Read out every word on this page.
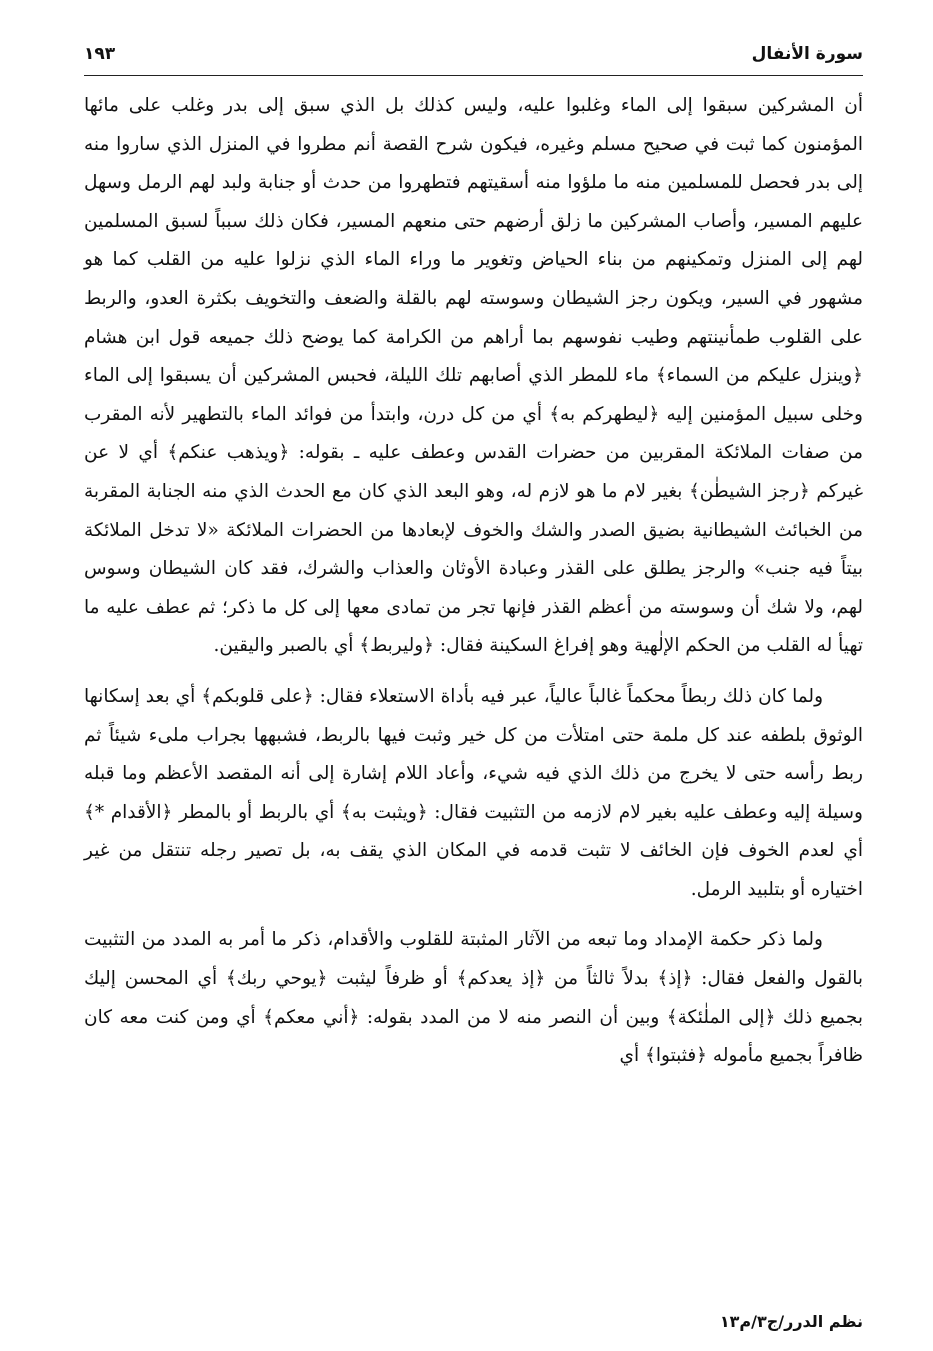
سورة الأنفال
١٩٣

أن المشركين سبقوا إلى الماء وغلبوا عليه، وليس كذلك بل الذي سبق إلى بدر وغلب على مائها المؤمنون كما ثبت في صحيح مسلم وغيره، فيكون شرح القصة أنم مطروا في المنزل الذي ساروا منه إلى بدر فحصل للمسلمين منه ما ملؤوا منه أسقيتهم فتطهروا من حدث أو جنابة ولبد لهم الرمل وسهل عليهم المسير، وأصاب المشركين ما زلق أرضهم حتى منعهم المسير، فكان ذلك سبباً لسبق المسلمين لهم إلى المنزل وتمكينهم من بناء الحياض وتغوير ما وراء الماء الذي نزلوا عليه من القلب كما هو مشهور في السير، ويكون رجز الشيطان وسوسته لهم بالقلة والضعف والتخويف بكثرة العدو، والربط على القلوب طمأنينتهم وطيب نفوسهم بما أراهم من الكرامة كما يوضح ذلك جميعه قول ابن هشام ﴿وينزل عليكم من السماء﴾ ماء للمطر الذي أصابهم تلك الليلة، فحبس المشركين أن يسبقوا إلى الماء وخلى سبيل المؤمنين إليه ﴿ليطهركم به﴾ أي من كل درن، وابتدأ من فوائد الماء بالتطهير لأنه المقرب من صفات الملائكة المقربين من حضرات القدس وعطف عليه ـ بقوله: ﴿ويذهب عنكم﴾ أي لا عن غيركم ﴿رجز الشيطٰن﴾ بغير لام ما هو لازم له، وهو البعد الذي كان مع الحدث الذي منه الجنابة المقربة من الخبائث الشيطانية بضيق الصدر والشك والخوف لإبعادها من الحضرات الملائكة «لا تدخل الملائكة بيتاً فيه جنب» والرجز يطلق على القذر وعبادة الأوثان والعذاب والشرك، فقد كان الشيطان وسوس لهم، ولا شك أن وسوسته من أعظم القذر فإنها تجر من تمادى معها إلى كل ما ذكر؛ ثم عطف عليه ما تهيأ له القلب من الحكم الإلٰهية وهو إفراغ السكينة فقال: ﴿وليربط﴾ أي بالصبر واليقين.

ولما كان ذلك ربطاً محكماً غالباً عالياً، عبر فيه بأداة الاستعلاء فقال: ﴿على قلوبكم﴾ أي بعد إسكانها الوثوق بلطفه عند كل ملمة حتى امتلأت من كل خير وثبت فيها بالربط، فشبهها بجراب ملىء شيئاً ثم ربط رأسه حتى لا يخرج من ذلك الذي فيه شيء، وأعاد اللام إشارة إلى أنه المقصد الأعظم وما قبله وسيلة إليه وعطف عليه بغير لام لازمه من التثبيت فقال: ﴿ويثبت به﴾ أي بالربط أو بالمطر ﴿الأقدام *﴾ أي لعدم الخوف فإن الخائف لا تثبت قدمه في المكان الذي يقف به، بل تصير رجله تنتقل من غير اختياره أو بتلبيد الرمل.

ولما ذكر حكمة الإمداد وما تبعه من الآثار المثبتة للقلوب والأقدام، ذكر ما أمر به المدد من التثبيت بالقول والفعل فقال: ﴿إذ﴾ بدلاً ثالثاً من ﴿إذ يعدكم﴾ أو ظرفاً ليثبت ﴿يوحي ربك﴾ أي المحسن إليك بجميع ذلك ﴿إلى الملٰئكة﴾ وبين أن النصر منه لا من المدد بقوله: ﴿أني معكم﴾ أي ومن كنت معه كان ظافراً بجميع مأموله ﴿فثبتوا﴾ أي

نظم الدرر/ج٣/م١٣
